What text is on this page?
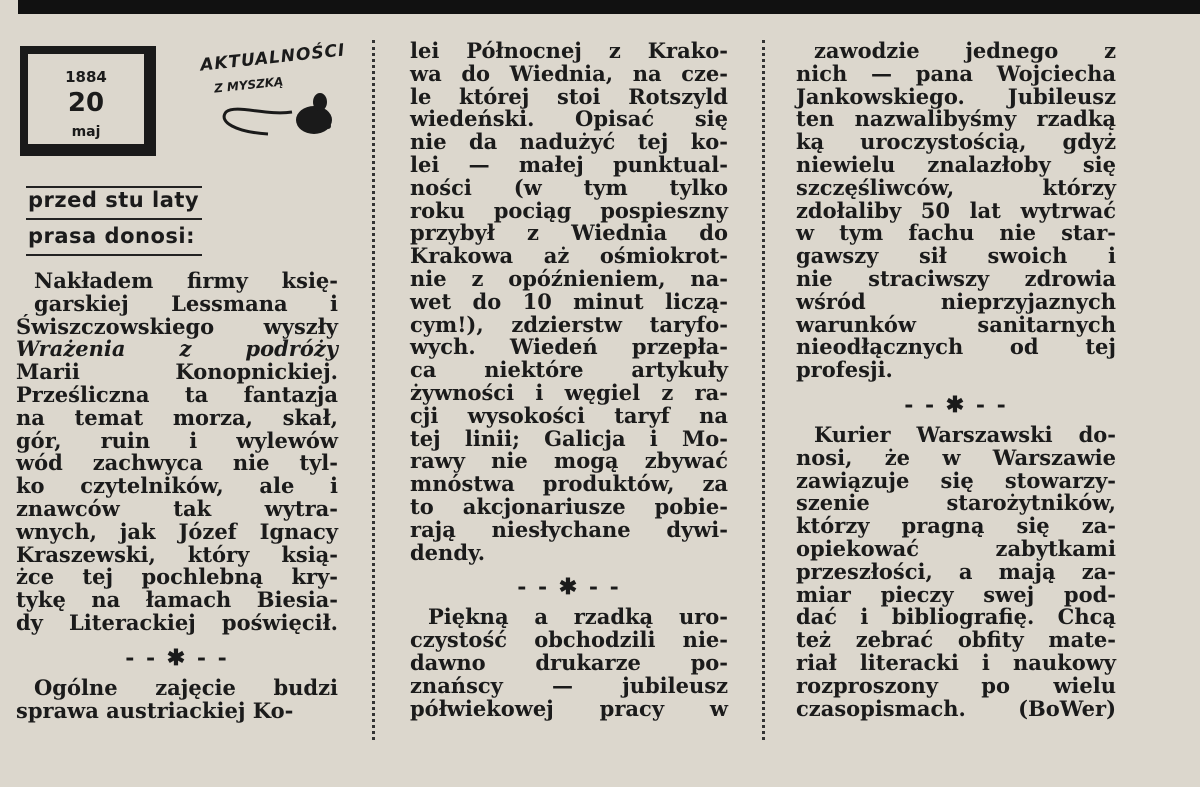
1884
20
maj
AKTUALNOŚCI
Z MYSZKĄ
przed stu laty
prasa donosi:
Nakładem firmy księ-
garskiej Lessmana i
Świszczowskiego wyszły
Wrażenia z podróży
Marii Konopnickiej.
Prześliczna ta fantazja
na temat morza, skał,
gór, ruin i wylewów
wód zachwyca nie tyl-
ko czytelników, ale i
znawców tak wytra-
wnych, jak Józef Ignacy
Kraszewski, który ksią-
żce tej pochlebną kry-
tykę na łamach Biesia-
dy Literackiej poświęcił.
- - ✱ - -
Ogólne zajęcie budzi
sprawa austriackiej Ko-
lei Północnej z Krako-
wa do Wiednia, na cze-
le której stoi Rotszyld
wiedeński. Opisać się
nie da nadużyć tej ko-
lei — małej punktual-
ności (w tym tylko
roku pociąg pospieszny
przybył z Wiednia do
Krakowa aż ośmiokrot-
nie z opóźnieniem, na-
wet do 10 minut liczą-
cym!), zdzierstw taryfo-
wych. Wiedeń przepła-
ca niektóre artykuły
żywności i węgiel z ra-
cji wysokości taryf na
tej linii; Galicja i Mo-
rawy nie mogą zbywać
mnóstwa produktów, za
to akcjonariusze pobie-
rają niesłychane dywi-
dendy.
- - ✱ - -
Piękną a rzadką uro-
czystość obchodzili nie-
dawno drukarze po-
znańscy — jubileusz
półwiekowej pracy w
zawodzie jednego z
nich — pana Wojciecha
Jankowskiego. Jubileusz
ten nazwalibyśmy rzadką
ką uroczystością, gdyż
niewielu znalazłoby się
szczęśliwców, którzy
zdołaliby 50 lat wytrwać
w tym fachu nie star-
gawszy sił swoich i
nie straciwszy zdrowia
wśród nieprzyjaznych
warunków sanitarnych
nieodłącznych od tej
profesji.
- - ✱ - -
Kurier Warszawski do-
nosi, że w Warszawie
zawiązuje się stowarzy-
szenie starożytników,
którzy pragną się za-
opiekować zabytkami
przeszłości, a mają za-
miar pieczy swej pod-
dać i bibliografię. Chcą
też zebrać obfity mate-
riał literacki i naukowy
rozproszony po wielu
czasopismach. (BoWer)
